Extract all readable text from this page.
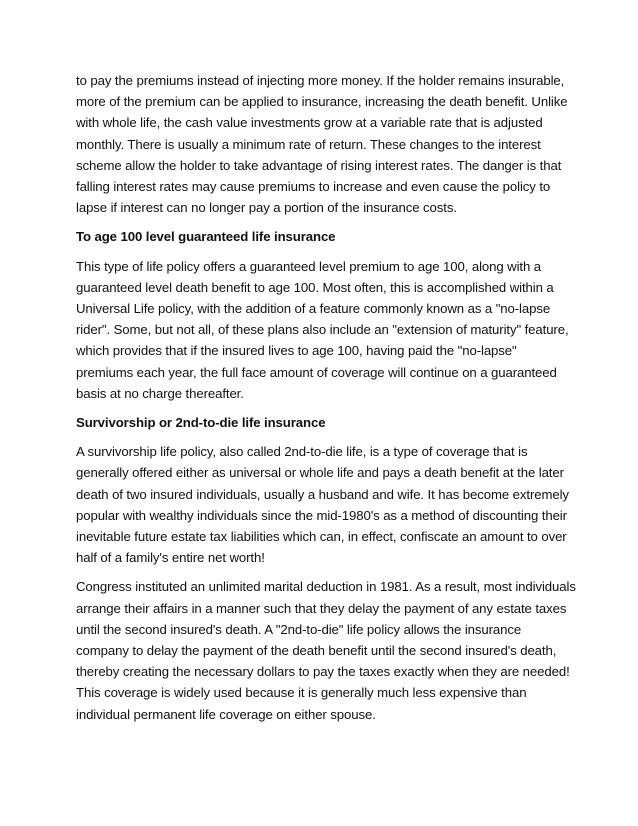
to pay the premiums instead of injecting more money. If the holder remains insurable, more of the premium can be applied to insurance, increasing the death benefit. Unlike with whole life, the cash value investments grow at a variable rate that is adjusted monthly. There is usually a minimum rate of return. These changes to the interest scheme allow the holder to take advantage of rising interest rates. The danger is that falling interest rates may cause premiums to increase and even cause the policy to lapse if interest can no longer pay a portion of the insurance costs.

To age 100 level guaranteed life insurance

This type of life policy offers a guaranteed level premium to age 100, along with a guaranteed level death benefit to age 100. Most often, this is accomplished within a Universal Life policy, with the addition of a feature commonly known as a "no-lapse rider". Some, but not all, of these plans also include an "extension of maturity" feature, which provides that if the insured lives to age 100, having paid the "no-lapse" premiums each year, the full face amount of coverage will continue on a guaranteed basis at no charge thereafter.

Survivorship or 2nd-to-die life insurance

A survivorship life policy, also called 2nd-to-die life, is a type of coverage that is generally offered either as universal or whole life and pays a death benefit at the later death of two insured individuals, usually a husband and wife. It has become extremely popular with wealthy individuals since the mid-1980's as a method of discounting their inevitable future estate tax liabilities which can, in effect, confiscate an amount to over half of a family's entire net worth!

Congress instituted an unlimited marital deduction in 1981. As a result, most individuals arrange their affairs in a manner such that they delay the payment of any estate taxes until the second insured's death. A "2nd-to-die" life policy allows the insurance company to delay the payment of the death benefit until the second insured's death, thereby creating the necessary dollars to pay the taxes exactly when they are needed! This coverage is widely used because it is generally much less expensive than individual permanent life coverage on either spouse.
